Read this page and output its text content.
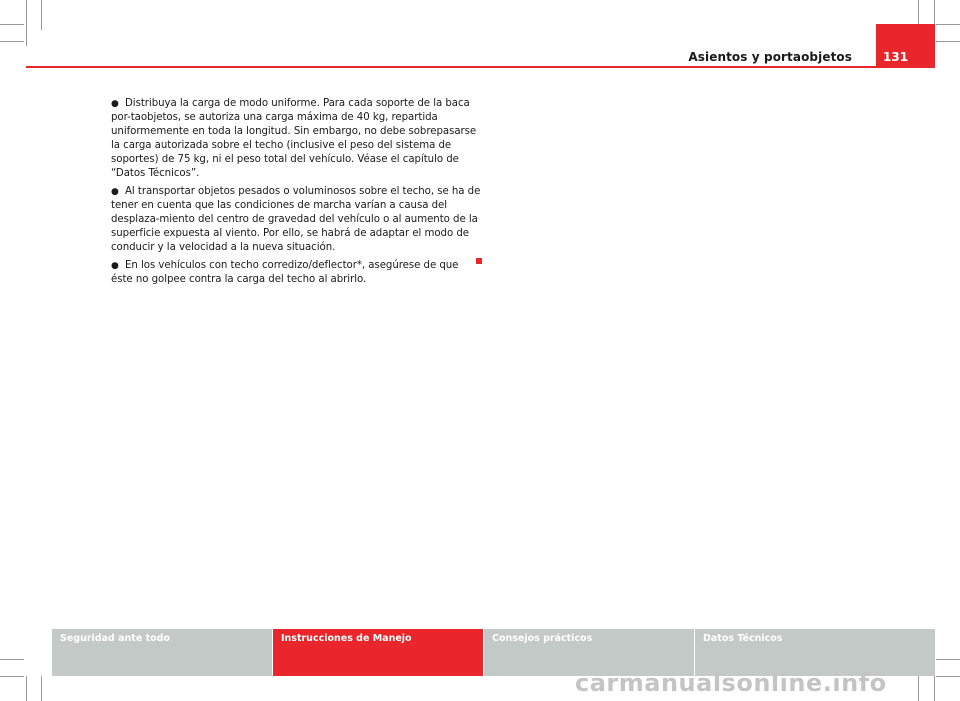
Asientos y portaobjetos	131

● Distribuya la carga de modo uniforme. Para cada soporte de la baca por-taobjetos, se autoriza una carga máxima de 40 kg, repartida uniformemente en toda la longitud. Sin embargo, no debe sobrepasarse la carga autorizada sobre el techo (inclusive el peso del sistema de soportes) de 75 kg, ni el peso total del vehículo. Véase el capítulo de “Datos Técnicos”.

● Al transportar objetos pesados o voluminosos sobre el techo, se ha de tener en cuenta que las condiciones de marcha varían a causa del desplaza-miento del centro de gravedad del vehículo o al aumento de la superficie expuesta al viento. Por ello, se habrá de adaptar el modo de conducir y la velocidad a la nueva situación.

● En los vehículos con techo corredizo/deflector*, asegúrese de que éste no golpee contra la carga del techo al abrirlo.

Seguridad ante todo	Instrucciones de Manejo	Consejos prácticos	Datos Técnicos
carmanualsonline.info
